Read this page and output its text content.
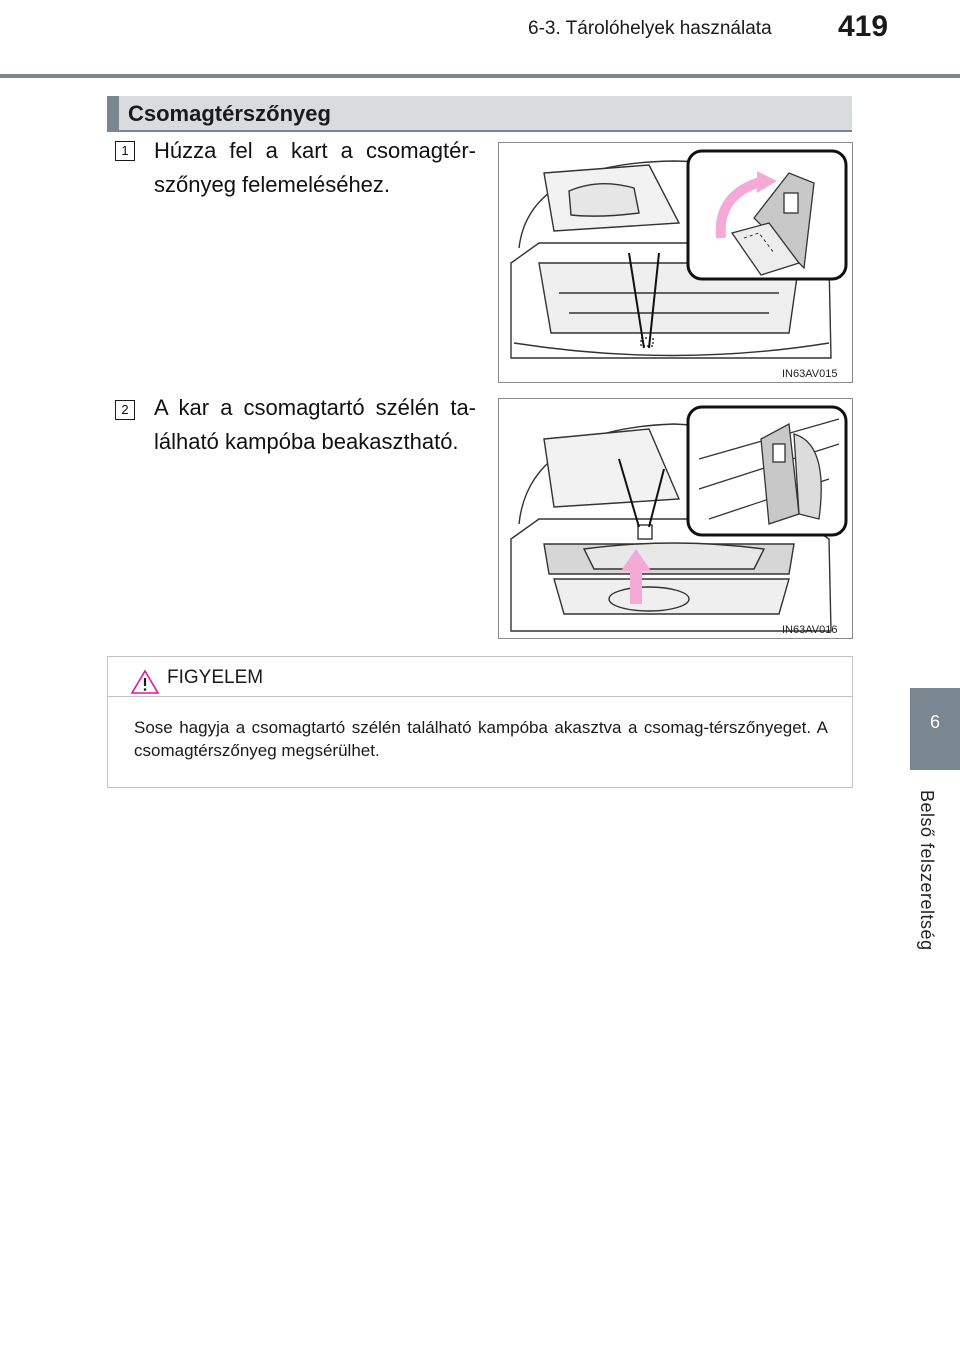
6-3. Tárolóhelyek használata 419
Csomagtérszőnyeg
1 Húzza fel a kart a csomagtér-szőnyeg felemeléséhez.
IN63AV015
2 A kar a csomagtartó szélén ta-lálható kampóba beakasztható.
IN63AV016
FIGYELEM
Sose hagyja a csomagtartó szélén található kampóba akasztva a csomag-térszőnyeget. A csomagtérszőnyeg megsérülhet.
6
Belső felszereltség
